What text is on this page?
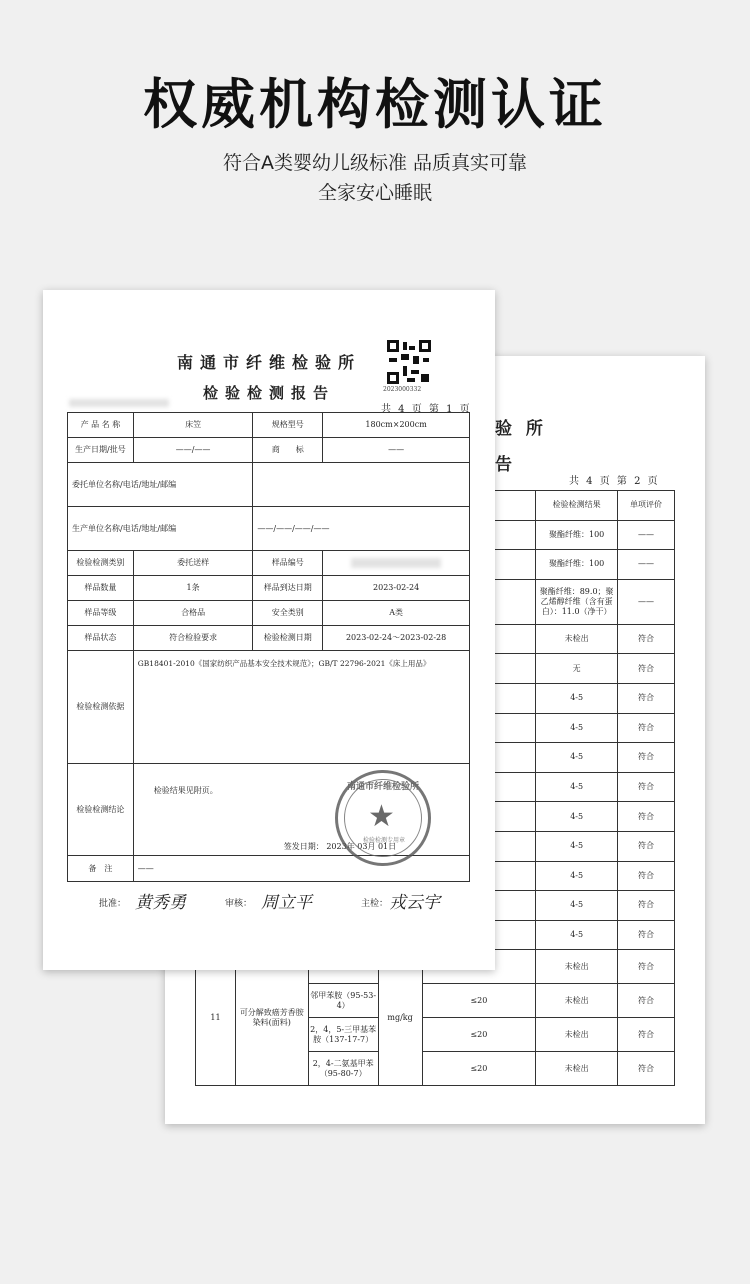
权威机构检测认证
符合A类婴幼儿级标准 品质真实可靠
全家安心睡眠
验 所
告
共 4 页 第 2 页
			检验检测结果	单项评价
					聚酯纤维：100	——
					聚酯纤维：100	——
					聚酯纤维：89.0；聚乙烯醇纤维（含有蛋白）：11.0（净干）	——
					未检出	符合
					无	符合
					4-5	符合
					4-5	符合
					4-5	符合
					4-5	符合
					4-5	符合
					4-5	符合
					4-5	符合
					4-5	符合
					4-5	符合
11	可分解致癌芳香胺染料(面料)		mg/kg		未检出	符合
		邻甲苯胺（95-53-4）		≤20	未检出	符合
		2，4，5-三甲基苯胺（137-17-7）		≤20	未检出	符合
		2，4-二氨基甲苯（95-80-7）		≤20	未检出	符合
南通市纤维检验所
检验检测报告	2023000332
共 4 页 第 1 页
产 品 名 称	床笠	规格型号	180cm×200cm
生产日期/批号	——/——	商　　标	——
委托单位名称/电话/地址/邮编			
生产单位名称/电话/地址/邮编		——/——/——/——	
检验检测类别	委托送样	样品编号	

样品数量	1条	样品到达日期	2023-02-24
样品等级	合格品	安全类别	A类
样品状态	符合检验要求	检验检测日期	2023-02-24～2023-02-28
检验检测依据	GB18401-2010《国家纺织产品基本安全技术规范》；GB/T 22796-2021《床上用品》		
检验检测结论	检验结果见附页。
签发日期： 2023年 03月 01日		

备　注	——		
南通市纤维检验所
★
检验检测专用章
批准： 黄秀勇	审核： 周立平	主检： 戎云宇
